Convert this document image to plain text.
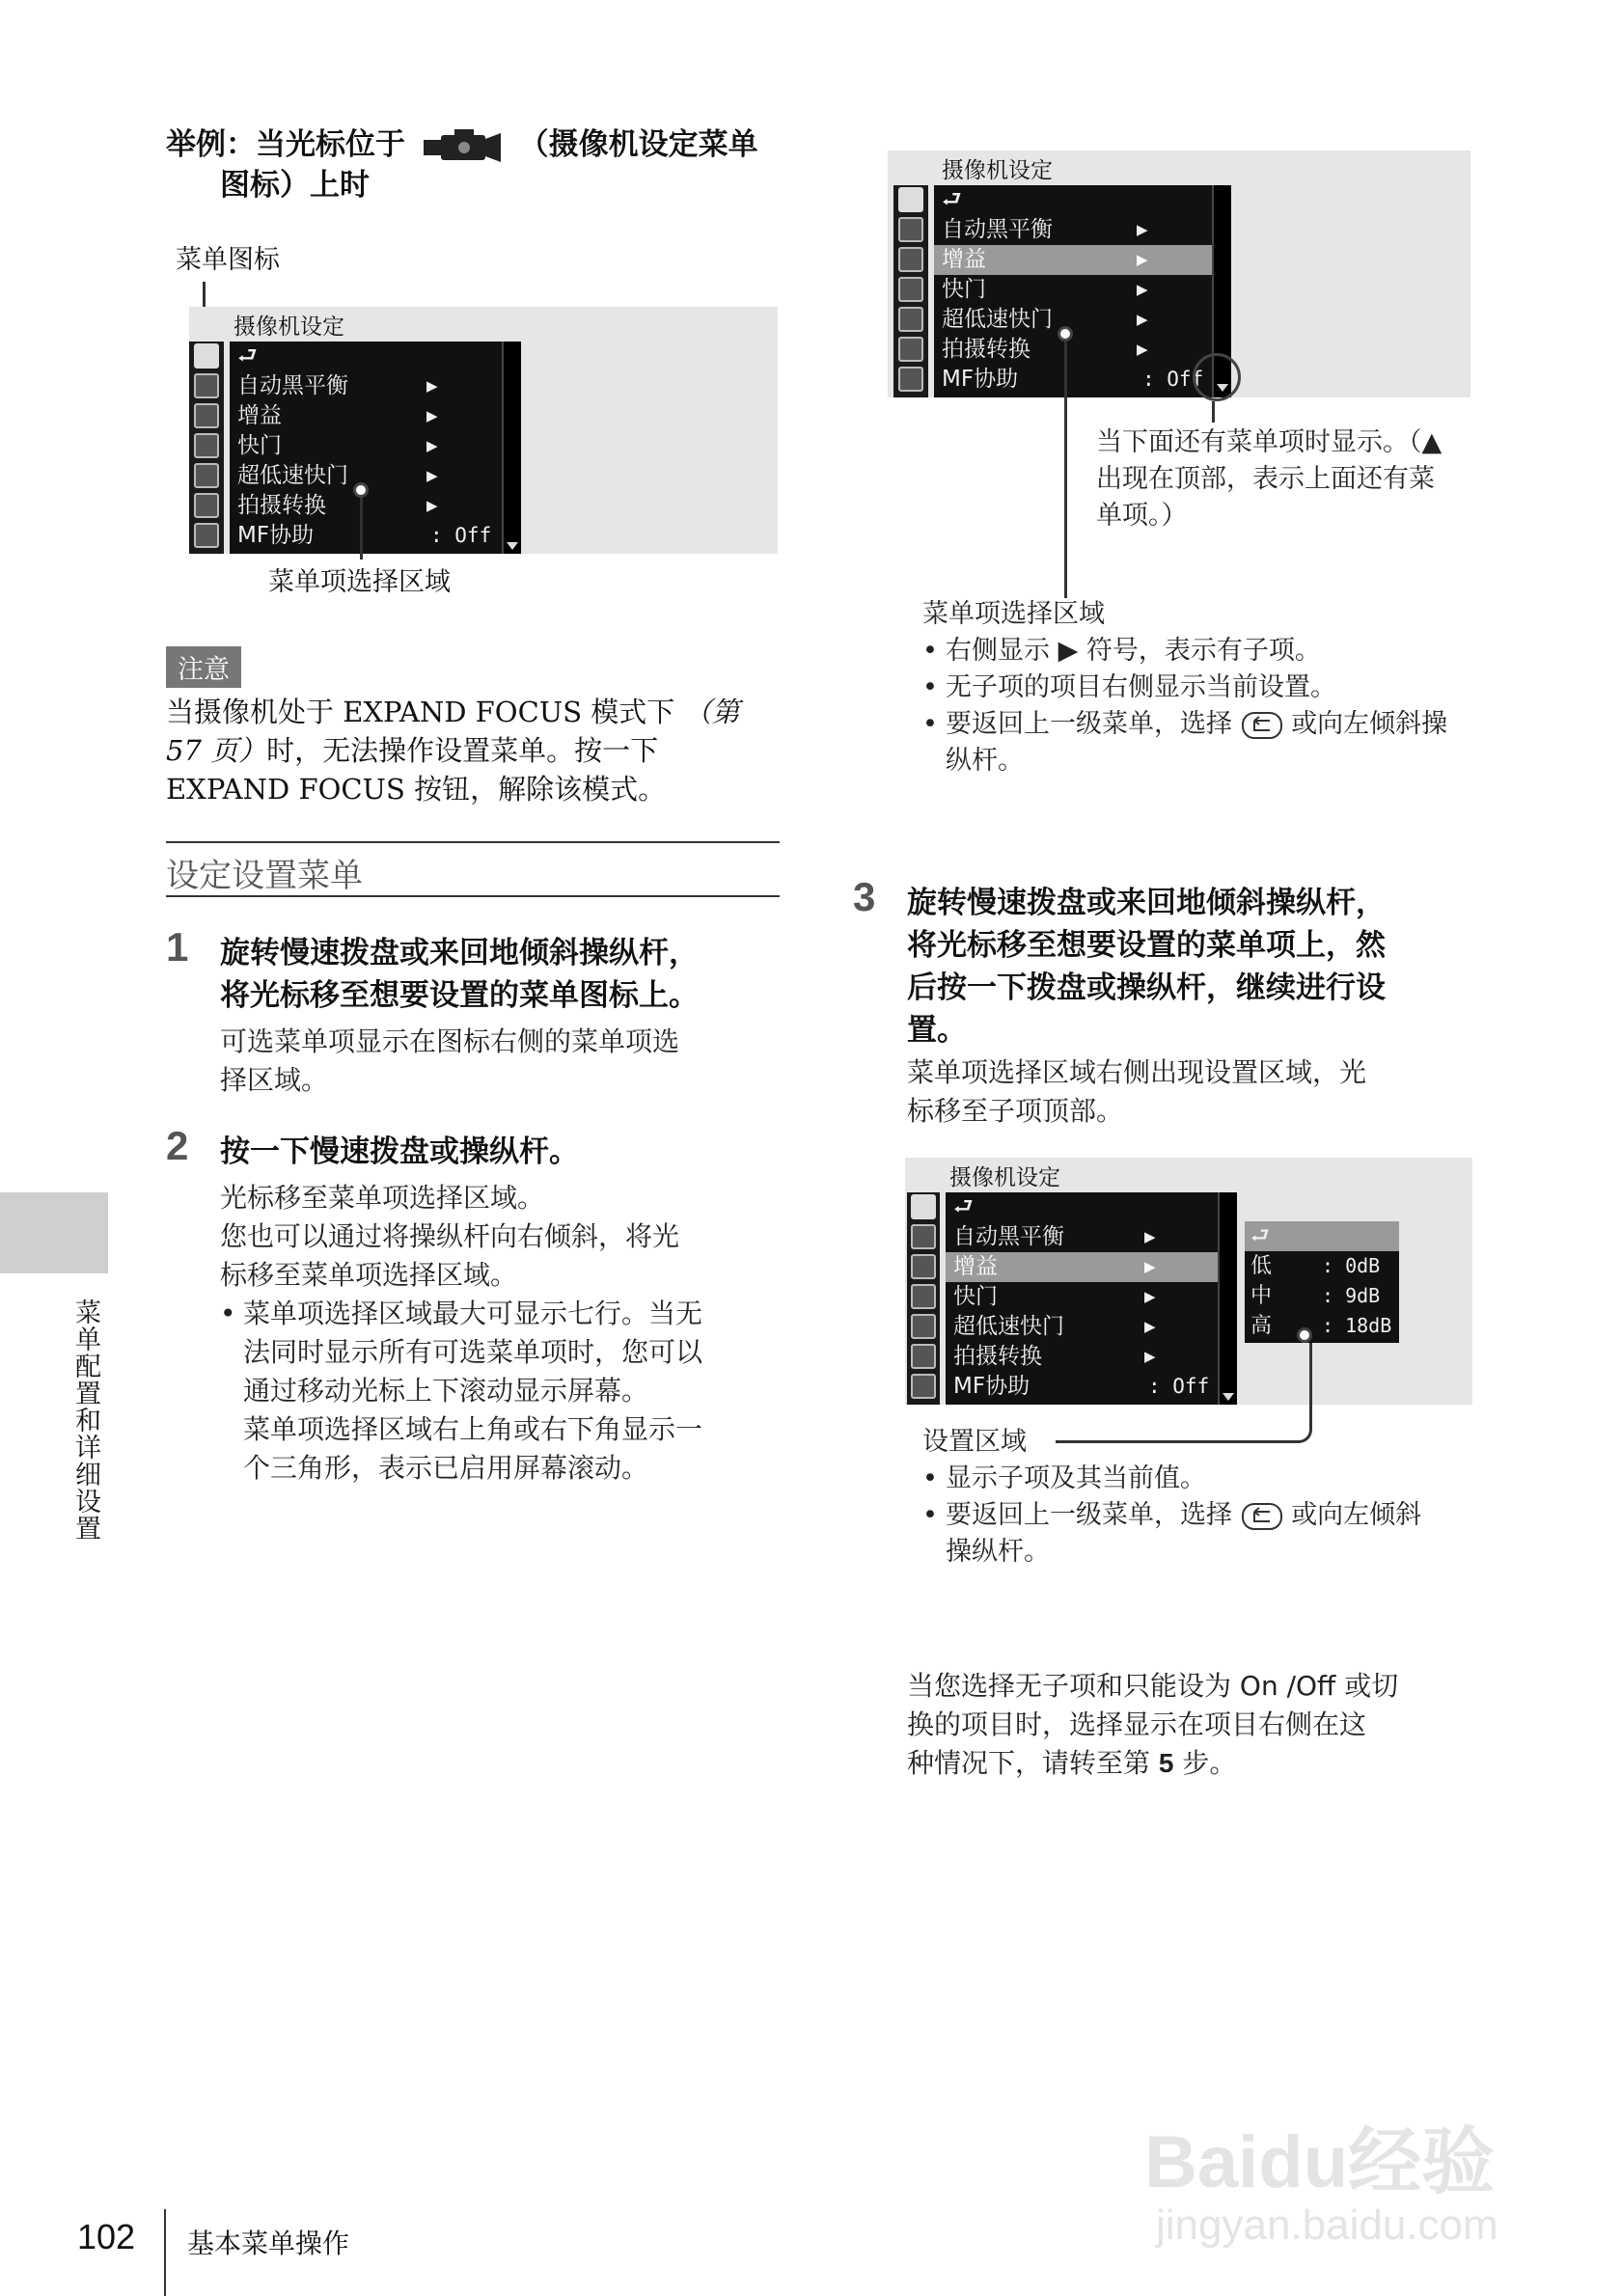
举例：当光标位于	（摄像机设定菜单
图标）上时
菜单图标
摄像机设定
⮐
自动黑平衡	▶
增益	▶
快门	▶
超低速快门	▶
拍摄转换	▶
MF协助	: Off
菜单项选择区域
注意
当摄像机处于 EXPAND FOCUS 模式下 （第
57 页）时，无法操作设置菜单。按一下
EXPAND FOCUS 按钮，解除该模式。
设定设置菜单
1 旋转慢速拨盘或来回地倾斜操纵杆，
将光标移至想要设置的菜单图标上。
可选菜单项显示在图标右侧的菜单项选
择区域。
2 按一下慢速拨盘或操纵杆。
光标移至菜单项选择区域。
您也可以通过将操纵杆向右倾斜，将光
标移至菜单项选择区域。
• 菜单项选择区域最大可显示七行。当无
法同时显示所有可选菜单项时，您可以
通过移动光标上下滚动显示屏幕。
菜单项选择区域右上角或右下角显示一
个三角形，表示已启用屏幕滚动。
菜单配置和详细设置
摄像机设定
⮐
自动黑平衡	▶
增益	▶
快门	▶
超低速快门	▶
拍摄转换	▶
MF协助	: Off
当下面还有菜单项时显示。（▲
出现在顶部，表示上面还有菜
单项。）
菜单项选择区域
• 右侧显示 ▶ 符号，表示有子项。
• 无子项的项目右侧显示当前设置。
• 要返回上一级菜单，选择 或向左倾斜操
纵杆。
3 旋转慢速拨盘或来回地倾斜操纵杆，
将光标移至想要设置的菜单项上，然
后按一下拨盘或操纵杆，继续进行设
置。
菜单项选择区域右侧出现设置区域，光
标移至子项顶部。
摄像机设定
⮐
自动黑平衡	▶
增益	▶
快门	▶
超低速快门	▶
拍摄转换	▶
MF协助	: Off
⮐
低	: 0dB
中	: 9dB
高	: 18dB
设置区域
• 显示子项及其当前值。
• 要返回上一级菜单，选择 或向左倾斜
操纵杆。
当您选择无子项和只能设为 On /Off 或切
换的项目时，选择显示在项目右侧在这
种情况下，请转至第 5 步。
Baidu经验
jingyan.baidu.com
102 基本菜单操作
